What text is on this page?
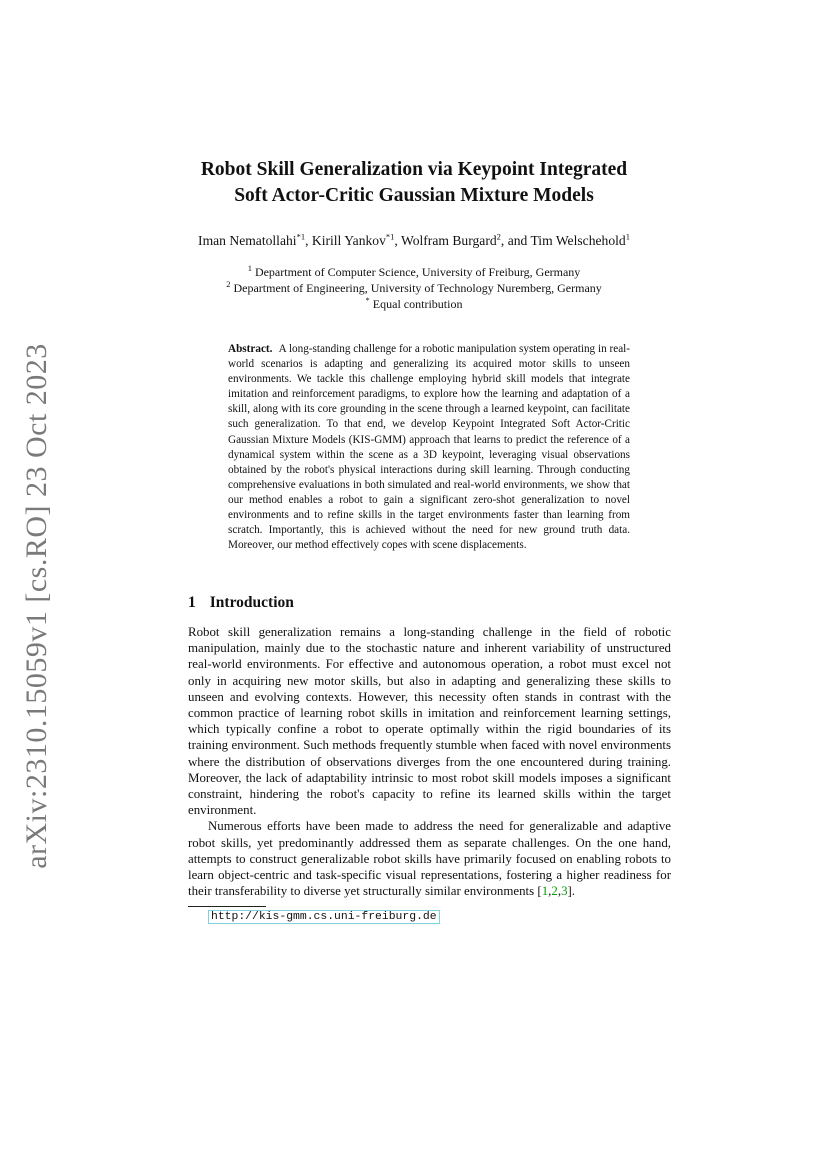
arXiv:2310.15059v1 [cs.RO] 23 Oct 2023
Robot Skill Generalization via Keypoint Integrated
Soft Actor-Critic Gaussian Mixture Models
Iman Nematollahi$^{*1}$, Kirill Yankov$^{*1}$, Wolfram Burgard$^2$, and Tim Welschehold$^1$
$^1$ Department of Computer Science, University of Freiburg, Germany
$^2$ Department of Engineering, University of Technology Nuremberg, Germany
* Equal contribution
Abstract. A long-standing challenge for a robotic manipulation system operating in real-world scenarios is adapting and generalizing its acquired motor skills to unseen environments. We tackle this challenge employing hybrid skill models that integrate imitation and reinforcement paradigms, to explore how the learning and adaptation of a skill, along with its core grounding in the scene through a learned keypoint, can facilitate such generalization. To that end, we develop Keypoint Integrated Soft Actor-Critic Gaussian Mixture Models (KIS-GMM) approach that learns to predict the reference of a dynamical system within the scene as a 3D keypoint, leveraging visual observations obtained by the robot's physical interactions during skill learning. Through conducting comprehensive evaluations in both simulated and real-world environments, we show that our method enables a robot to gain a significant zero-shot generalization to novel environments and to refine skills in the target environments faster than learning from scratch. Importantly, this is achieved without the need for new ground truth data. Moreover, our method effectively copes with scene displacements.
1 Introduction

Robot skill generalization remains a long-standing challenge in the field of robotic manipulation, mainly due to the stochastic nature and inherent variability of unstructured real-world environments. For effective and autonomous operation, a robot must excel not only in acquiring new motor skills, but also in adapting and generalizing these skills to unseen and evolving contexts. However, this necessity often stands in contrast with the common practice of learning robot skills in imitation and reinforcement learning settings, which typically confine a robot to operate optimally within the rigid boundaries of its training environment. Such methods frequently stumble when faced with novel environments where the distribution of observations diverges from the one encountered during training. Moreover, the lack of adaptability intrinsic to most robot skill models imposes a significant constraint, hindering the robot's capacity to refine its learned skills within the target environment.

Numerous efforts have been made to address the need for generalizable and adaptive robot skills, yet predominantly addressed them as separate challenges. On the one hand, attempts to construct generalizable robot skills have primarily focused on enabling robots to learn object-centric and task-specific visual representations, fostering a higher readiness for their transferability to diverse yet structurally similar environments [1,2,3].

http://kis-gmm.cs.uni-freiburg.de
